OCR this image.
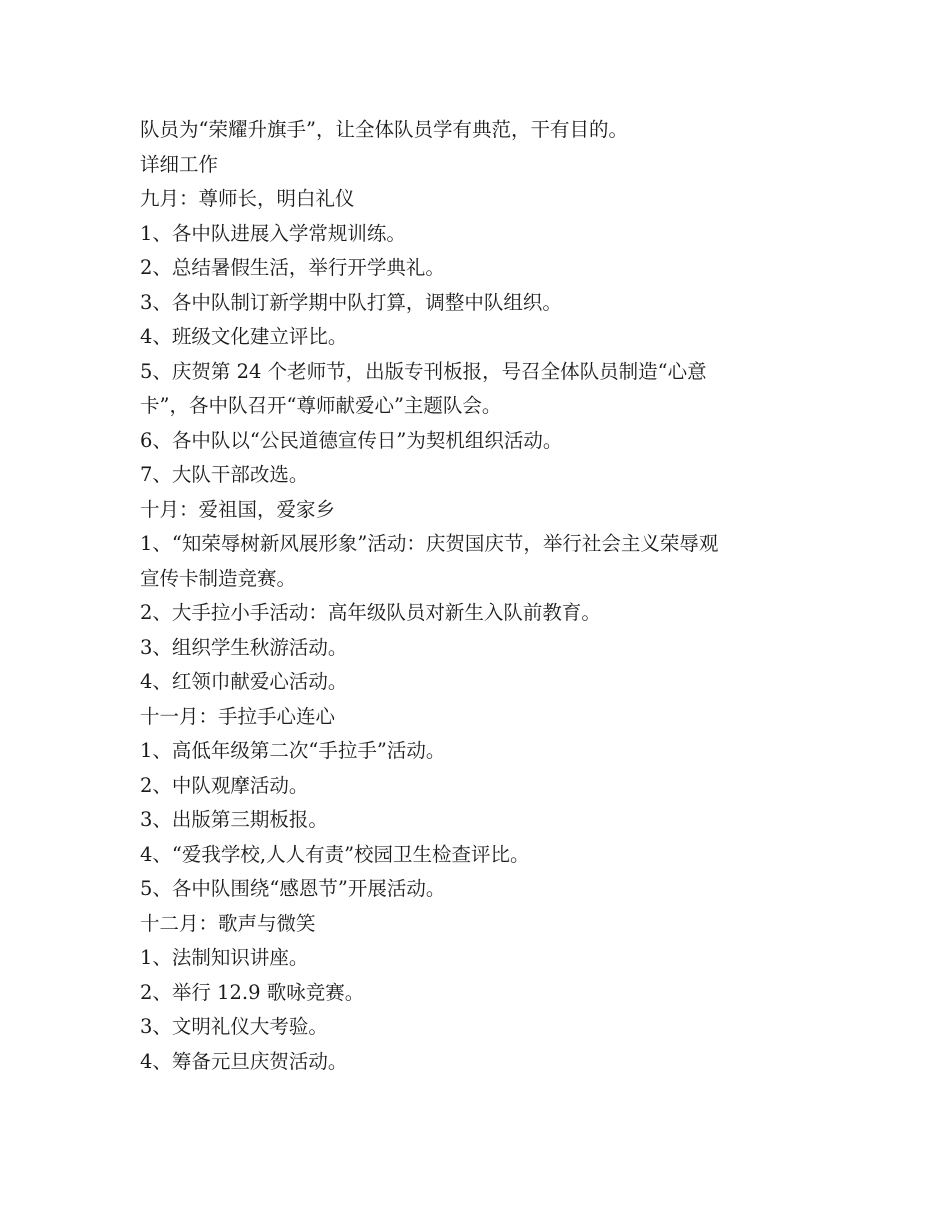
队员为“荣耀升旗手”，让全体队员学有典范，干有目的。

详细工作

九月：尊师长，明白礼仪

1、各中队进展入学常规训练。

2、总结暑假生活，举行开学典礼。

3、各中队制订新学期中队打算，调整中队组织。

4、班级文化建立评比。

5、庆贺第 24 个老师节，出版专刊板报，号召全体队员制造“心意

卡”，各中队召开“尊师献爱心”主题队会。

6、各中队以“公民道德宣传日”为契机组织活动。

7、大队干部改选。

十月：爱祖国，爱家乡

1、“知荣辱树新风展形象”活动：庆贺国庆节，举行社会主义荣辱观

宣传卡制造竞赛。

2、大手拉小手活动：高年级队员对新生入队前教育。

3、组织学生秋游活动。

4、红领巾献爱心活动。

十一月：手拉手心连心

1、高低年级第二次“手拉手”活动。

2、中队观摩活动。

3、出版第三期板报。

4、“爱我学校,人人有责”校园卫生检查评比。

5、各中队围绕“感恩节”开展活动。

十二月：歌声与微笑

1、法制知识讲座。

2、举行 12.9 歌咏竞赛。

3、文明礼仪大考验。

4、筹备元旦庆贺活动。
